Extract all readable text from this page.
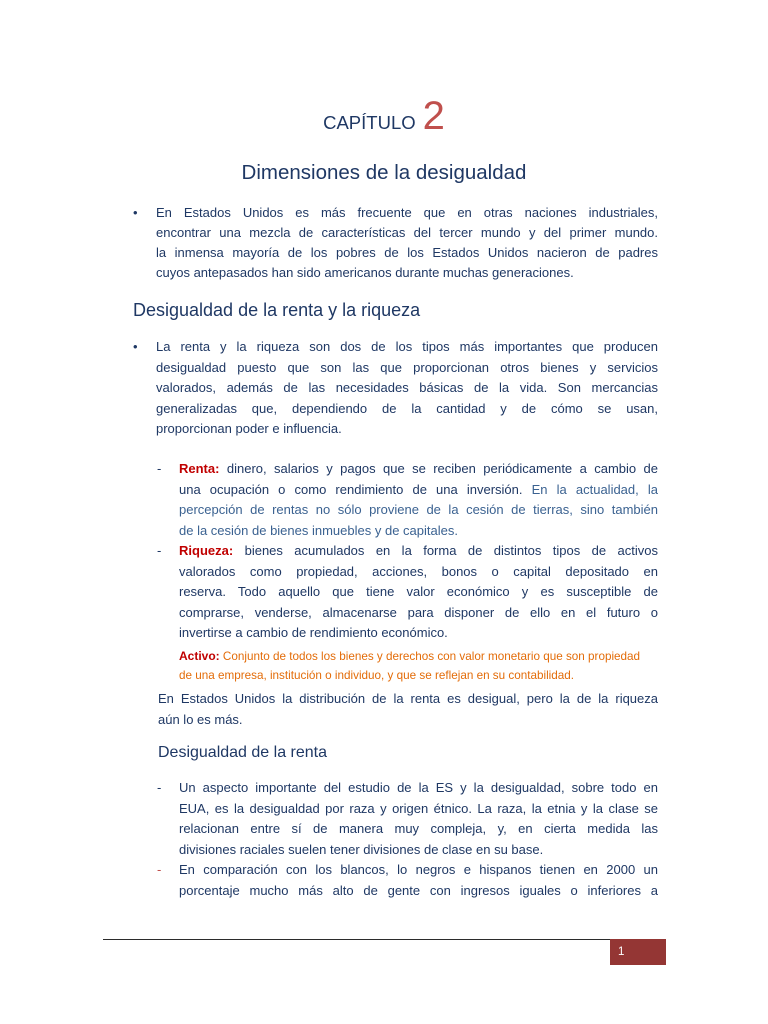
CAPÍTULO 2
Dimensiones de la desigualdad
• En Estados Unidos es más frecuente que en otras naciones industriales,
encontrar una mezcla de características del tercer mundo y del primer mundo.
la inmensa mayoría de los pobres de los Estados Unidos nacieron de padres
cuyos antepasados han sido americanos durante muchas generaciones.
Desigualdad de la renta y la riqueza
• La renta y la riqueza son dos de los tipos más importantes que producen
desigualdad puesto que son las que proporcionan otros bienes y servicios
valorados, además de las necesidades básicas de la vida. Son mercancias
generalizadas que, dependiendo de la cantidad y de cómo se usan,
proporcionan poder e influencia.
- Renta: dinero, salarios y pagos que se reciben periódicamente a cambio de
una ocupación o como rendimiento de una inversión. En la actualidad, la
percepción de rentas no sólo proviene de la cesión de tierras, sino también
de la cesión de bienes inmuebles y de capitales.
- Riqueza: bienes acumulados en la forma de distintos tipos de activos
valorados como propiedad, acciones, bonos o capital depositado en
reserva. Todo aquello que tiene valor económico y es susceptible de
comprarse, venderse, almacenarse para disponer de ello en el futuro o
invertirse a cambio de rendimiento económico.
Activo: Conjunto de todos los bienes y derechos con valor monetario que son propiedad
de una empresa, institución o individuo, y que se reflejan en su contabilidad.
En Estados Unidos la distribución de la renta es desigual, pero la de la riqueza
aún lo es más.
Desigualdad de la renta
- Un aspecto importante del estudio de la ES y la desigualdad, sobre todo en
EUA, es la desigualdad por raza y origen étnico. La raza, la etnia y la clase se
relacionan entre sí de manera muy compleja, y, en cierta medida las
divisiones raciales suelen tener divisiones de clase en su base.
- En comparación con los blancos, lo negros e hispanos tienen en 2000 un
porcentaje mucho más alto de gente con ingresos iguales o inferiores a
1
